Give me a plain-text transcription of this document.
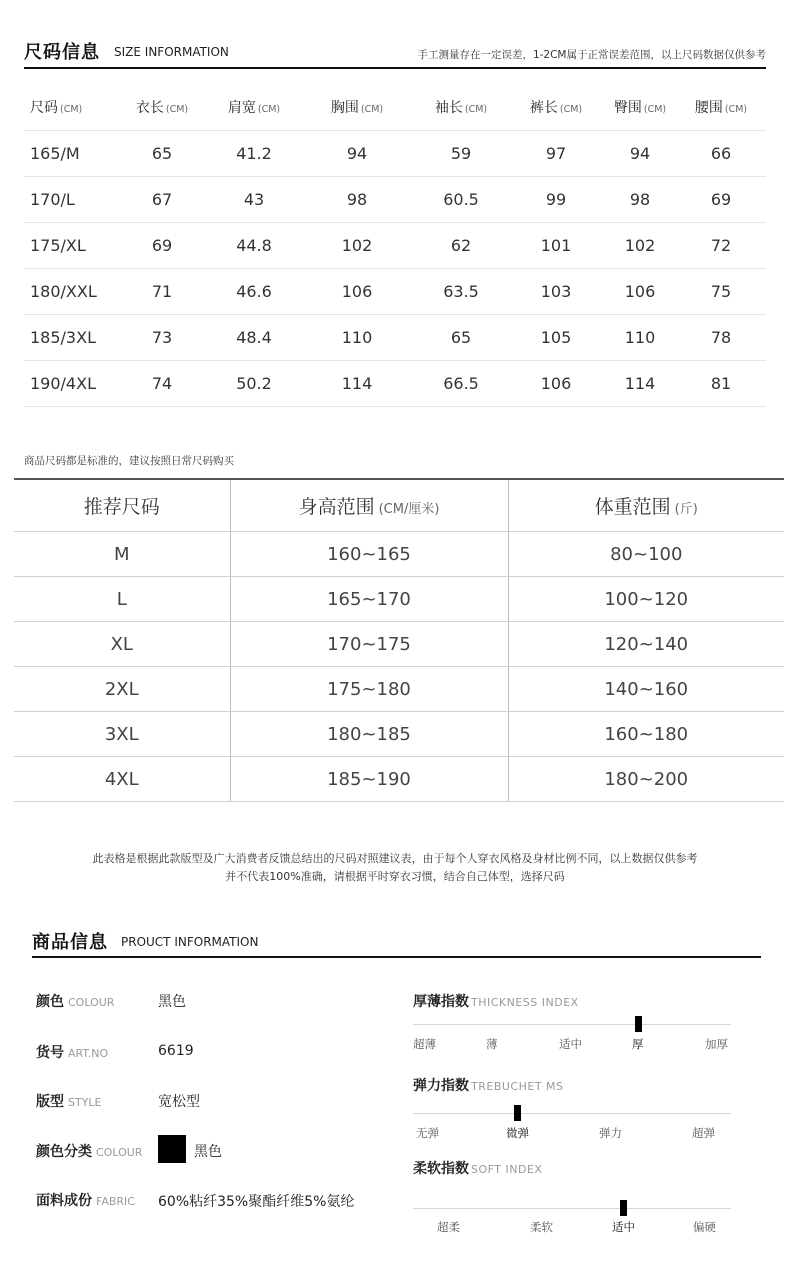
尺码信息 SIZE INFORMATION	手工测量存在一定误差，1-2CM属于正常误差范围，以上尺码数据仅供参考
尺码 (CM)	衣长 (CM)	肩宽 (CM)	胸围 (CM)	袖长 (CM)	裤长 (CM)	臀围 (CM)	腰围 (CM)
165/M	65	41.2	94	59	97	94	66
170/L	67	43	98	60.5	99	98	69
175/XL	69	44.8	102	62	101	102	72
180/XXL	71	46.6	106	63.5	103	106	75
185/3XL	73	48.4	110	65	105	110	78
190/4XL	74	50.2	114	66.5	106	114	81
商品尺码都是标准的，建议按照日常尺码购买
推荐尺码	身高范围 (CM/厘米)	体重范围 (斤)
M	160~165	80~100
L	165~170	100~120
XL	170~175	120~140
2XL	175~180	140~160
3XL	180~185	160~180
4XL	185~190	180~200
此表格是根据此款版型及广大消费者反馈总结出的尺码对照建议表，由于每个人穿衣风格及身材比例不同，以上数据仅供参考
并不代表100%准确，请根据平时穿衣习惯，结合自己体型，选择尺码
商品信息 PROUCT INFORMATION
颜色 COLOUR	黑色
货号 ART.NO	6619
版型 STYLE	宽松型
颜色分类 COLOUR	黑色
面料成份 FABRIC 60%粘纤35%聚酯纤维5%氨纶
厚薄指数 THICKNESS INDEX
超薄	薄	适中	厚	加厚
弹力指数 TREBUCHET MS
无弹	微弹	弹力	超弹
柔软指数 SOFT INDEX
超柔	柔软	适中	偏硬
